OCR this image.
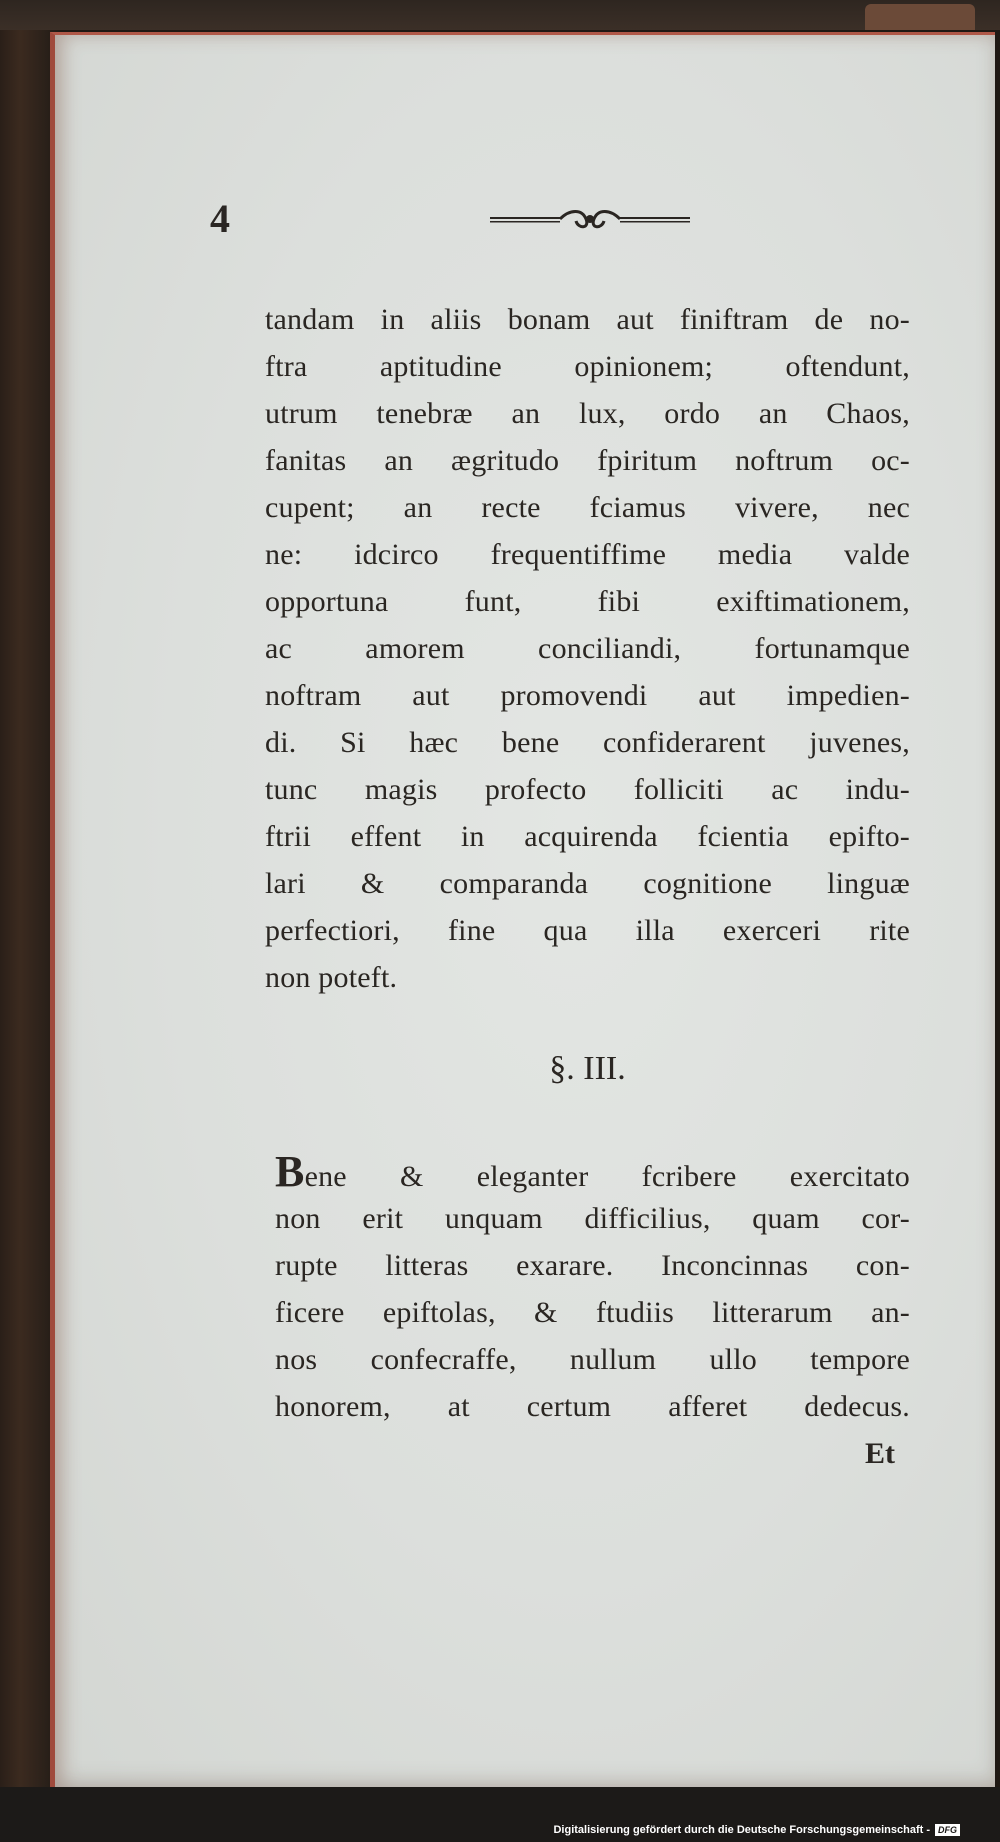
4
tandam in aliis bonam aut finiftram de no-
ftra aptitudine opinionem; oftendunt,
utrum tenebræ an lux, ordo an Chaos,
fanitas an ægritudo fpiritum noftrum oc-
cupent; an recte fciamus vivere, nec
ne: idcirco frequentiffime media valde
opportuna funt, fibi exiftimationem,
ac amorem conciliandi, fortunamque
noftram aut promovendi aut impedien-
di. Si hæc bene confiderarent juvenes,
tunc magis profecto folliciti ac indu-
ftrii effent in acquirenda fcientia epifto-
lari & comparanda cognitione linguæ
perfectiori, fine qua illa exerceri rite
non poteft.
§. III.
Bene & eleganter fcribere exercitato
non erit unquam difficilius, quam cor-
rupte litteras exarare. Inconcinnas con-
ficere epiftolas, & ftudiis litterarum an-
nos confecraffe, nullum ullo tempore
honorem, at certum afferet dedecus.
Et
Digitalisierung gefördert durch die Deutsche Forschungsgemeinschaft - DFG
